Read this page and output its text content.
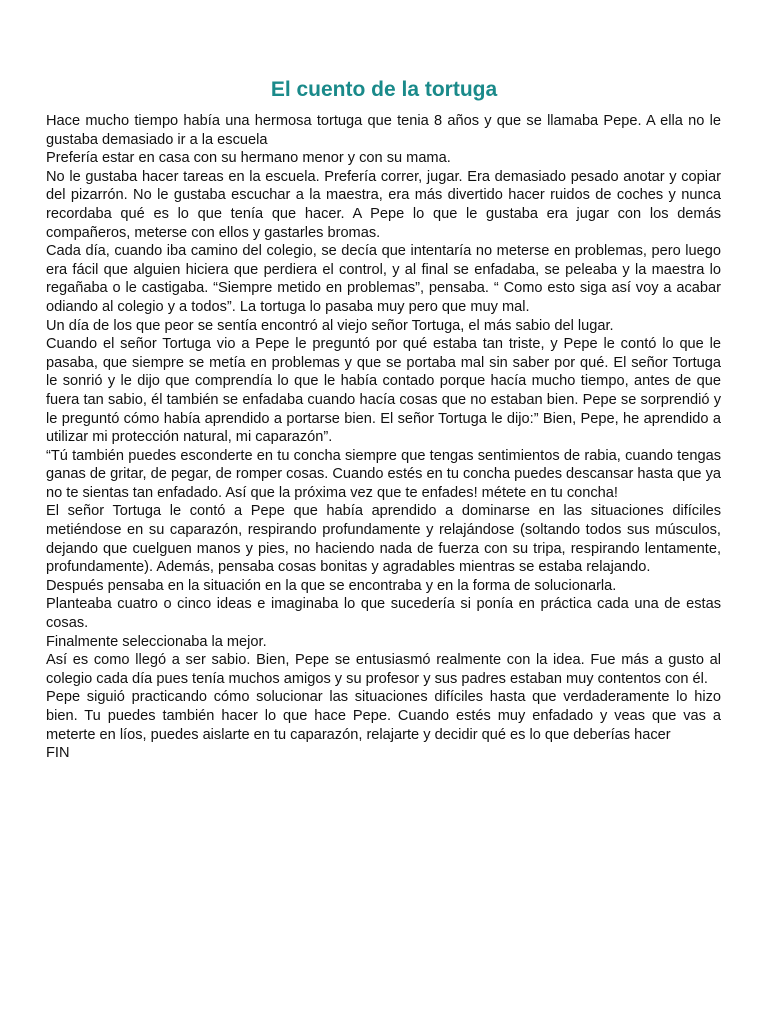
El cuento de la tortuga

Hace mucho tiempo había una hermosa tortuga que tenia 8 años y que se llamaba Pepe. A ella no le gustaba demasiado ir a la escuela

Prefería estar en casa con su hermano menor y con su mama.

No le gustaba hacer tareas en la escuela. Prefería correr, jugar. Era demasiado pesado anotar y copiar del pizarrón. No le gustaba escuchar a la maestra, era más divertido hacer ruidos de coches y nunca recordaba qué es lo que tenía que hacer. A Pepe lo que le gustaba era jugar con los demás compañeros, meterse con ellos y gastarles bromas.

Cada día, cuando iba camino del colegio, se decía que intentaría no meterse en problemas, pero luego era fácil que alguien hiciera que perdiera el control, y al final se enfadaba, se peleaba y la maestra lo regañaba o le castigaba. “Siempre metido en problemas”, pensaba. “ Como esto siga así voy a acabar odiando al colegio y a todos”. La tortuga lo pasaba muy pero que muy mal.

Un día de los que peor se sentía encontró al viejo señor Tortuga, el más sabio del lugar.

Cuando el señor Tortuga vio a Pepe le preguntó por qué estaba tan triste, y Pepe le contó lo que le pasaba, que siempre se metía en problemas y que se portaba mal sin saber por qué. El señor Tortuga le sonrió y le dijo que comprendía lo que le había contado porque hacía mucho tiempo, antes de que fuera tan sabio, él también se enfadaba cuando hacía cosas que no estaban bien. Pepe se sorprendió y le preguntó cómo había aprendido a portarse bien. El señor Tortuga le dijo:” Bien, Pepe, he aprendido a utilizar mi protección natural, mi caparazón”.

“Tú también puedes esconderte en tu concha siempre que tengas sentimientos de rabia, cuando tengas ganas de gritar, de pegar, de romper cosas. Cuando estés en tu concha puedes descansar hasta que ya no te sientas tan enfadado. Así que la próxima vez que te enfades! métete en tu concha!

El señor Tortuga le contó a Pepe que había aprendido a dominarse en las situaciones difíciles metiéndose en su caparazón, respirando profundamente y relajándose (soltando todos sus músculos, dejando que cuelguen manos y pies, no haciendo nada de fuerza con su tripa, respirando lentamente, profundamente). Además, pensaba cosas bonitas y agradables mientras se estaba relajando.

Después pensaba en la situación en la que se encontraba y en la forma de solucionarla.

Planteaba cuatro o cinco ideas e imaginaba lo que sucedería si ponía en práctica cada una de estas cosas.

Finalmente seleccionaba la mejor.

Así es como llegó a ser sabio. Bien, Pepe se entusiasmó realmente con la idea. Fue más a gusto al colegio cada día pues tenía muchos amigos y su profesor y sus padres estaban muy contentos con él.

Pepe siguió practicando cómo solucionar las situaciones difíciles hasta que verdaderamente lo hizo bien. Tu puedes también hacer lo que hace Pepe. Cuando estés muy enfadado y veas que vas a meterte en líos, puedes aislarte en tu caparazón, relajarte y decidir qué es lo que deberías hacer

FIN
